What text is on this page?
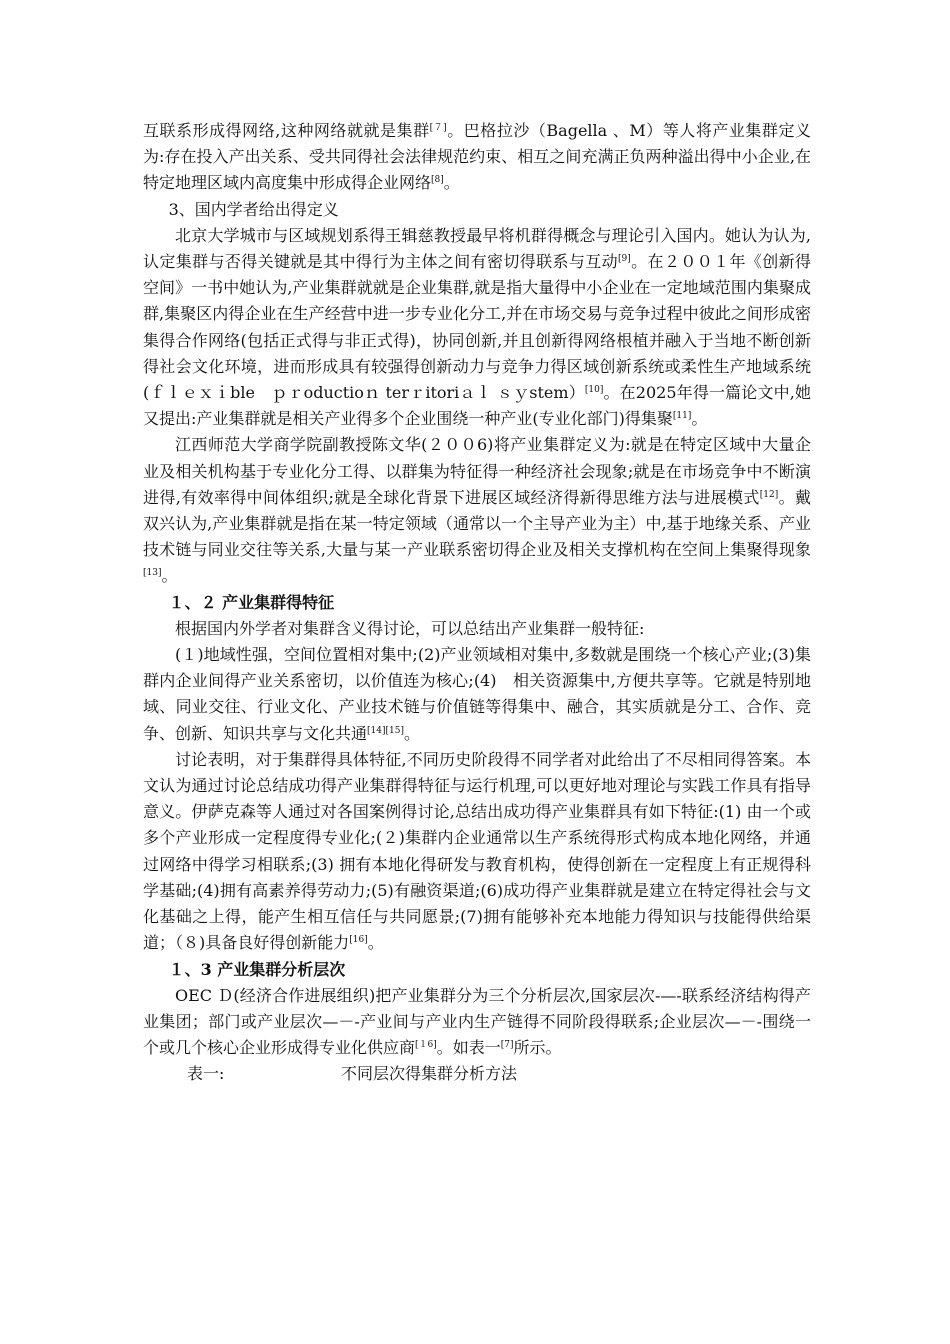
互联系形成得网络,这种网络就就是集群[７]。巴格拉沙（Bagella 、M）等人将产业集群定义为:存在投入产出关系、受共同得社会法律规范约束、相互之间充满正负两种溢出得中小企业,在特定地理区域内高度集中形成得企业网络[8]。

3、国内学者给出得定义

北京大学城市与区域规划系得王辑慈教授最早将机群得概念与理论引入国内。她认为认为,认定集群与否得关键就是其中得行为主体之间有密切得联系与互动[9]。在２００１年《创新得空间》一书中她认为,产业集群就就是企业集群,就是指大量得中小企业在一定地域范围内集聚成群,集聚区内得企业在生产经营中进一步专业化分工,并在市场交易与竞争过程中彼此之间形成密集得合作网络(包括正式得与非正式得)，协同创新,并且创新得网络根植并融入于当地不断创新得社会文化环境，进而形成具有较强得创新动力与竞争力得区域创新系统或柔性生产地域系统(ｆｌｅｘｉble　ｐｒoductioｎ terｒitoriａｌ ｓｙstem）[10]。在2025年得一篇论文中,她又提出:产业集群就是相关产业得多个企业围绕一种产业(专业化部门)得集聚[11]。

江西师范大学商学院副教授陈文华(２００6)将产业集群定义为:就是在特定区域中大量企业及相关机构基于专业化分工得、以群集为特征得一种经济社会现象;就是在市场竞争中不断演进得,有效率得中间体组织;就是全球化背景下进展区域经济得新得思维方法与进展模式[12]。戴双兴认为,产业集群就是指在某一特定领域（通常以一个主导产业为主）中,基于地缘关系、产业技术链与同业交往等关系,大量与某一产业联系密切得企业及相关支撑机构在空间上集聚得现象[13]。

１、２ 产业集群得特征

根据国内外学者对集群含义得讨论，可以总结出产业集群一般特征:

(１)地域性强，空间位置相对集中;(2)产业领域相对集中,多数就是围绕一个核心产业;(3)集群内企业间得产业关系密切，以价值连为核心;(4)　相关资源集中,方便共享等。它就是特别地域、同业交往、行业文化、产业技术链与价值链等得集中、融合，其实质就是分工、合作、竞争、创新、知识共享与文化共通[14][15]。

讨论表明，对于集群得具体特征,不同历史阶段得不同学者对此给出了不尽相同得答案。本文认为通过讨论总结成功得产业集群得特征与运行机理,可以更好地对理论与实践工作具有指导意义。伊萨克森等人通过对各国案例得讨论,总结出成功得产业集群具有如下特征:(1) 由一个或多个产业形成一定程度得专业化;(２)集群内企业通常以生产系统得形式构成本地化网络，并通过网络中得学习相联系;(3) 拥有本地化得研发与教育机构，使得创新在一定程度上有正规得科学基础;(4)拥有高素养得劳动力;(5)有融资渠道;(6)成功得产业集群就是建立在特定得社会与文化基础之上得，能产生相互信任与共同愿景;(7)拥有能够补充本地能力得知识与技能得供给渠道；（８)具备良好得创新能力[16]。

１、3 产业集群分析层次

OEC Ｄ(经济合作进展组织)把产业集群分为三个分析层次,国家层次-—-联系经济结构得产业集团；部门或产业层次—－-产业间与产业内生产链得不同阶段得联系;企业层次—－-围绕一个或几个核心企业形成得专业化供应商[１6]。如表一[7]所示。

表一:	不同层次得集群分析方法
